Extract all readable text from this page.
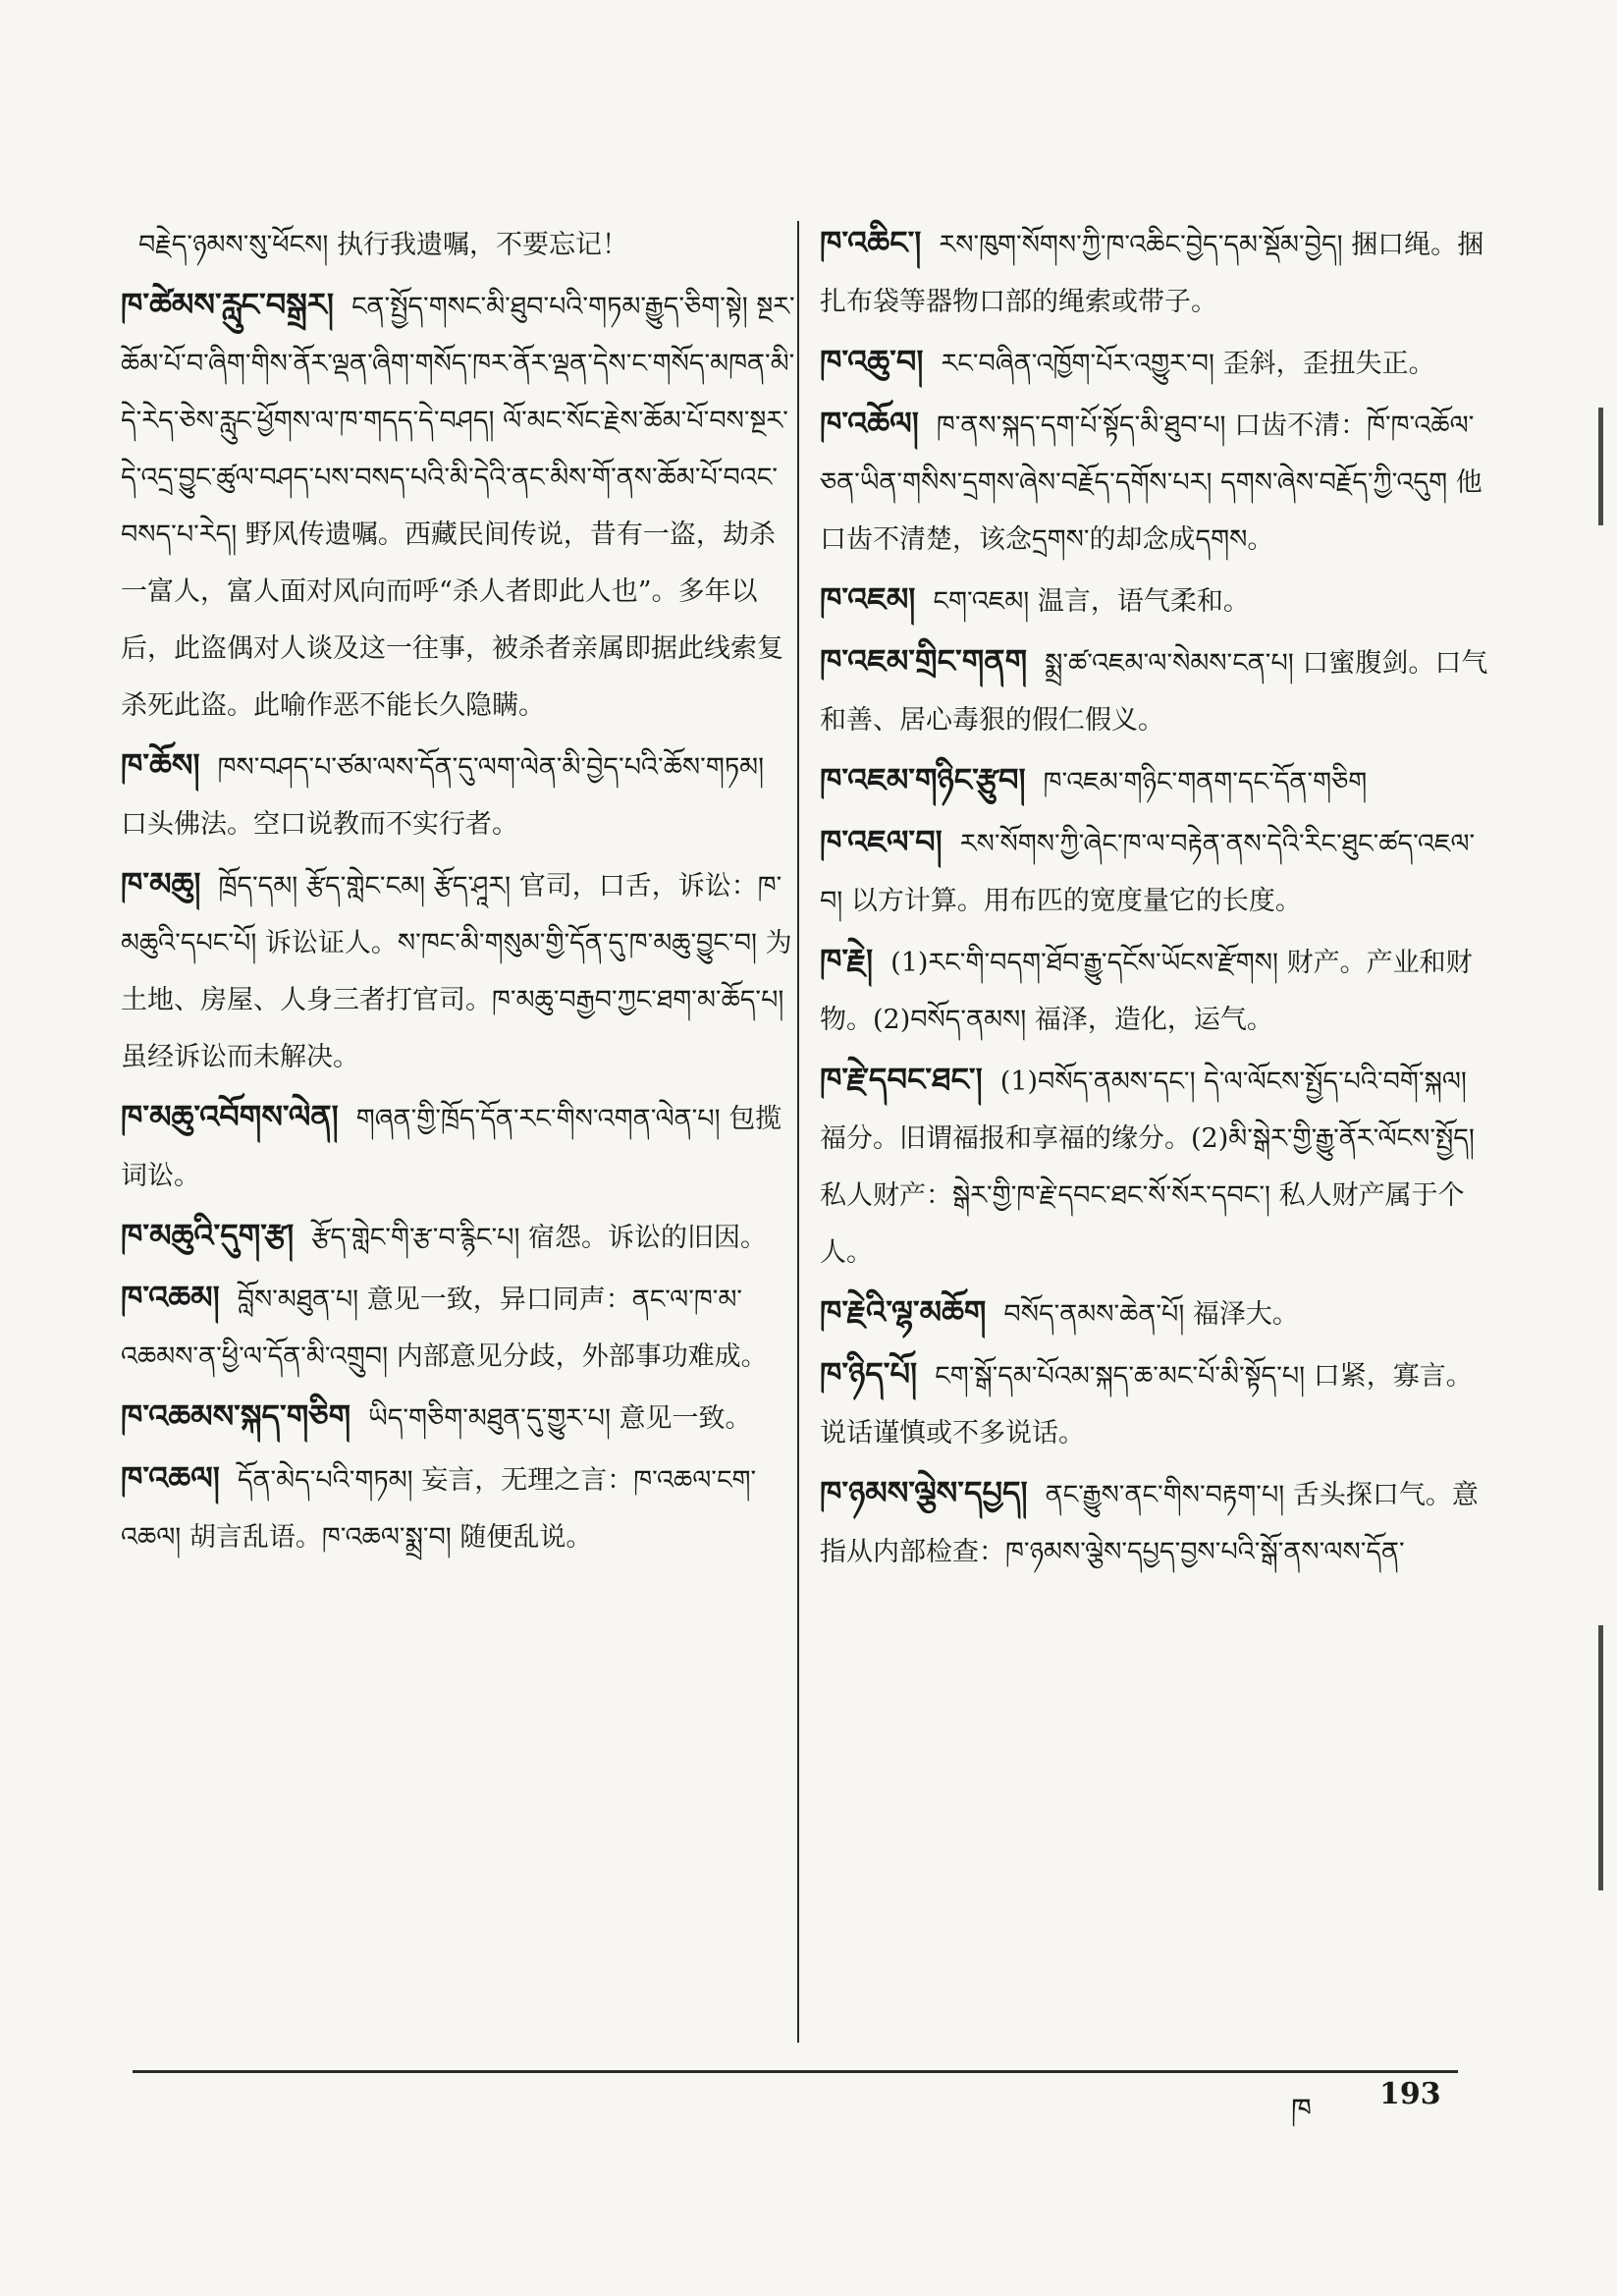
བརྗེད་ཉམས་སུ་ཕོངས། 执行我遗嘱，不要忘记！
ཁ་ཚེམས་རླུང་བསྒྲར། ངན་སྤྱོད་གསང་མི་ཐུབ་པའི་གཏམ་རྒྱུད་ཅིག་སྟེ། སྔར་ཆོམ་པོ་བ་ཞིག་གིས་ནོར་ལྡན་ཞིག་གསོད་ཁར་ནོར་ལྡན་དེས་ང་གསོད་མཁན་མི་དེ་རེད་ཅེས་རླུང་ཕྱོགས་ལ་ཁ་གདད་དེ་བཤད། ལོ་མང་སོང་རྗེས་ཆོམ་པོ་བས་སྔར་དེ་འདྲ་བྱུང་ཚུལ་བཤད་པས་བསད་པའི་མི་དེའི་ནང་མིས་གོ་ནས་ཆོམ་པོ་བའང་བསད་པ་རེད། 野风传遗嘱。西藏民间传说，昔有一盗，劫杀一富人，富人面对风向而呼“杀人者即此人也”。多年以后，此盗偶对人谈及这一往事，被杀者亲属即据此线索复杀死此盗。此喻作恶不能长久隐瞒。
ཁ་ཆོས། ཁས་བཤད་པ་ཙམ་ལས་དོན་དུ་ལག་ལེན་མི་བྱེད་པའི་ཆོས་གཏམ། 口头佛法。空口说教而不实行者。
ཁ་མཆུ། ཁྲོད་དམ། རྩོད་གླེང་ངམ། རྩོད་ཤཱར། 官司，口舌，诉讼：ཁ་མཆུའི་དཔང་པོ། 诉讼证人。ས་ཁང་མི་གསུམ་གྱི་དོན་དུ་ཁ་མཆུ་བྱུང་བ། 为土地、房屋、人身三者打官司。ཁ་མཆུ་བརྒྱབ་ཀྱང་ཐག་མ་ཆོད་པ། 虽经诉讼而未解决。
ཁ་མཆུ་འབོགས་ལེན། གཞན་གྱི་ཁྲོད་དོན་རང་གིས་འགན་ལེན་པ། 包揽词讼。
ཁ་མཆུའི་དུག་རྩ། རྩོད་གླེང་གི་རྩ་བ་རྙིང་པ། 宿怨。诉讼的旧因。
ཁ་འཆམ། བློས་མཐུན་པ། 意见一致，异口同声：ནང་ལ་ཁ་མ་འཆམས་ན་ཕྱི་ལ་དོན་མི་འགྲུབ། 内部意见分歧，外部事功难成。
ཁ་འཆམས་སྐད་གཅིག ཡིད་གཅིག་མཐུན་དུ་གྱུར་པ། 意见一致。
ཁ་འཆལ། དོན་མེད་པའི་གཏམ། 妄言，无理之言：ཁ་འཆལ་ངག་འཆལ། 胡言乱语。ཁ་འཆལ་སྨྲ་བ། 随便乱说。
ཁ་འཆིང་། རས་ཁུག་སོགས་ཀྱི་ཁ་འཆིང་བྱེད་དམ་སྡོམ་བྱེད། 捆口绳。捆扎布袋等器物口部的绳索或带子。
ཁ་འཆུ་བ། རང་བཞིན་འཁྱོག་པོར་འགྱུར་བ། 歪斜，歪扭失正。
ཁ་འཆོལ། ཁ་ནས་སྐད་དག་པོ་སྟོད་མི་ཐུབ་པ། 口齿不清：ཁོ་ཁ་འཆོལ་ཅན་ཡིན་གསིས་དྲགས་ཞེས་བརྗོད་དགོས་པར། དགས་ཞེས་བརྗོད་ཀྱི་འདུག 他口齿不清楚，该念དྲགས་的却念成དགས。
ཁ་འཇམ། ངག་འཇམ། 温言，语气柔和。
ཁ་འཇམ་གྲིང་གནག སྨྲ་ཚ་འཇམ་ལ་སེམས་ངན་པ། 口蜜腹剑。口气和善、居心毒狠的假仁假义。
ཁ་འཇམ་གཉིང་རྩུབ། ཁ་འཇམ་གཉིང་གནག་དང་དོན་གཅིག
ཁ་འཇལ་བ། རས་སོགས་ཀྱི་ཞེང་ཁ་ལ་བརྟེན་ནས་དེའི་རིང་ཐུང་ཚད་འཇལ་བ། 以方计算。用布匹的宽度量它的长度。
ཁ་རྗེ། (1)རང་གི་བདག་ཐོབ་རྒྱུ་དངོས་ཡོངས་རྫོགས། 财产。产业和财物。(2)བསོད་ནམས། 福泽，造化，运气。
ཁ་རྗེ་དབང་ཐང་། (1)བསོད་ནམས་དང་། དེ་ལ་ལོངས་སྤྱོད་པའི་བགོ་སྐལ། 福分。旧谓福报和享福的缘分。(2)མི་སྒེར་གྱི་རྒྱུ་ནོར་ལོངས་སྤྱོད། 私人财产：སྒེར་གྱི་ཁ་རྗེ་དབང་ཐང་སོ་སོར་དབང་། 私人财产属于个人。
ཁ་རྗེའི་ལྷ་མཆོག བསོད་ནམས་ཆེན་པོ། 福泽大。
ཁ་ཉིད་པོ། ངག་སྒོ་དམ་པོའམ་སྐད་ཆ་མང་པོ་མི་སྟོད་པ། 口紧，寡言。说话谨慎或不多说话。
ཁ་ཉམས་ལྕེས་དཔྱད། ནང་རྒྱུས་ནང་གིས་བརྟག་པ། 舌头探口气。意指从内部检查：ཁ་ཉམས་ལྕེས་དཔྱད་བྱས་པའི་སྒོ་ནས་ལས་དོན་
ཁ 193
